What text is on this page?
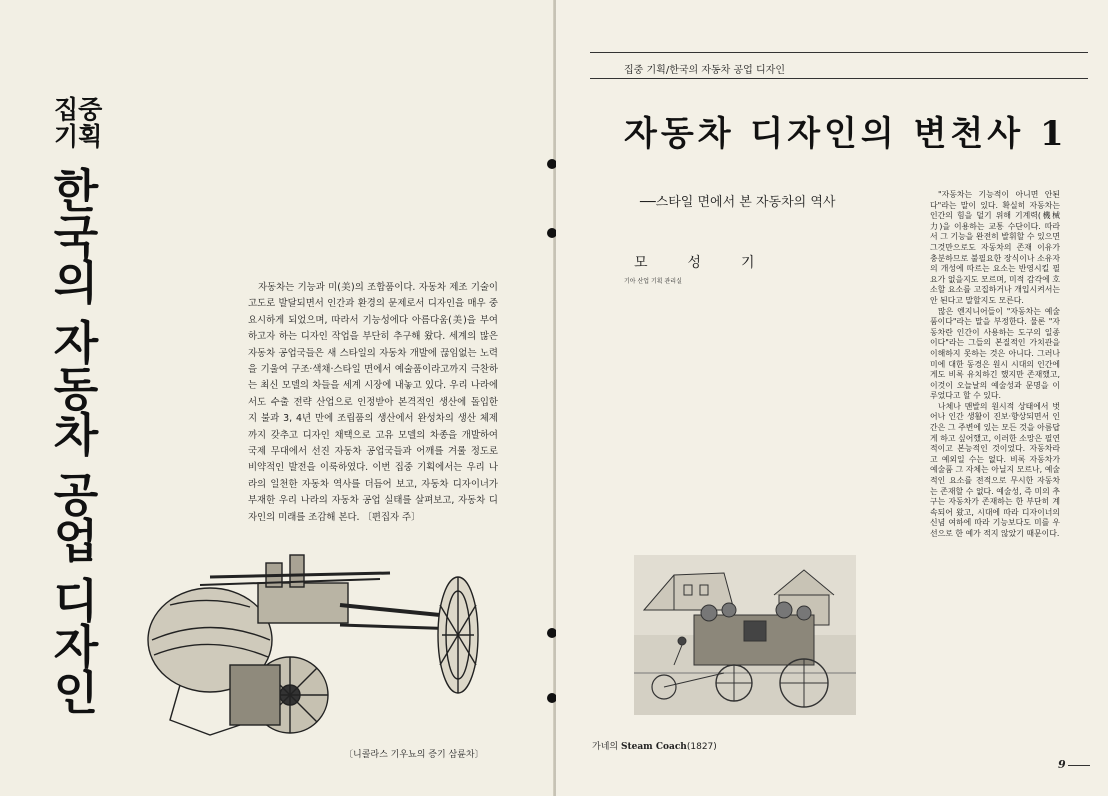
집중
기획
한
국
의
자
동
차
공
업
디
자
인
자동차는 기능과 미(美)의 조합품이다. 자동차 제조 기술이 고도로 발달되면서 인간과 환경의 문제로서 디자인을 매우 중요시하게 되었으며, 따라서 기능성에다 아름다움(美)을 부여하고자 하는 디자인 작업을 부단히 추구해 왔다. 세계의 많은 자동차 공업국들은 새 스타일의 자동차 개발에 끊임없는 노력을 기울여 구조·색채·스타일 면에서 예술품이라고까지 극찬하는 최신 모델의 차들을 세계 시장에 내놓고 있다. 우리 나라에서도 수출 전략 산업으로 인정받아 본격적인 생산에 돌입한 지 불과 3, 4년 만에 조립품의 생산에서 완성차의 생산 체제까지 갖추고 디자인 채택으로 고유 모델의 차종을 개발하여 국제 무대에서 선진 자동차 공업국들과 어깨를 겨룰 정도로 비약적인 발전을 이룩하였다. 이번 집중 기획에서는 우리 나라의 일천한 자동차 역사를 더듬어 보고, 자동차 디자이너가 부재한 우리 나라의 자동차 공업 실태를 살펴보고, 자동차 디자인의 미래를 조감해 본다. 〔편집자 주〕
〔니콜라스 기우뇨의 증기 삼륜차〕
집중 기획/한국의 자동차 공업 디자인
자동차 디자인의 변천사 1
──스타일 면에서 본 자동차의 역사
모성기
기아 산업 기획 관리실

"자동차는 기능적이 아니면 안된다"라는 말이 있다. 확실히 자동차는 인간의 힘을 덜기 위해 기계력(機械力)을 이용하는 교통 수단이다. 따라서 그 기능을 완전히 발휘할 수 있으면 그것만으로도 자동차의 존재 이유가 충분하므로 불필요한 장식이나 소유자의 개성에 따르는 요소는 반영시킬 필요가 없을지도 모르며, 미적 감각에 호소할 요소를 고집하거나 개입시켜서는 안 된다고 말할지도 모른다.

많은 엔지니어들이 "자동차는 예술품이다"라는 말을 부정한다. 물론 "자동차란 인간이 사용하는 도구의 일종이다"라는 그들의 본질적인 가치관을 이해하지 못하는 것은 아니다. 그러나 미에 대한 동경은 원시 시대의 인간에게도 비록 유치하긴 했지만 존재했고, 이것이 오늘날의 예술성과 문명을 이루었다고 할 수 있다.

나체나 맨발의 원시적 상태에서 벗어나 인간 생활이 진보·향상되면서 인간은 그 주변에 있는 모든 것을 아름답게 하고 싶어했고, 이러한 소망은 필연적이고 본능적인 것이었다. 자동차라고 예외일 수는 없다. 비록 자동차가 예술품 그 자체는 아닐지 모르나, 예술적인 요소를 전적으로 무시한 자동차는 존재할 수 없다. 예술성, 즉 미의 추구는 자동차가 존재하는 한 부단히 계속되어 왔고, 시대에 따라 디자이너의 신념 여하에 따라 기능보다도 미를 우선으로 한 예가 적지 않았기 때문이다.

가네의 Steam Coach(1827)
9
